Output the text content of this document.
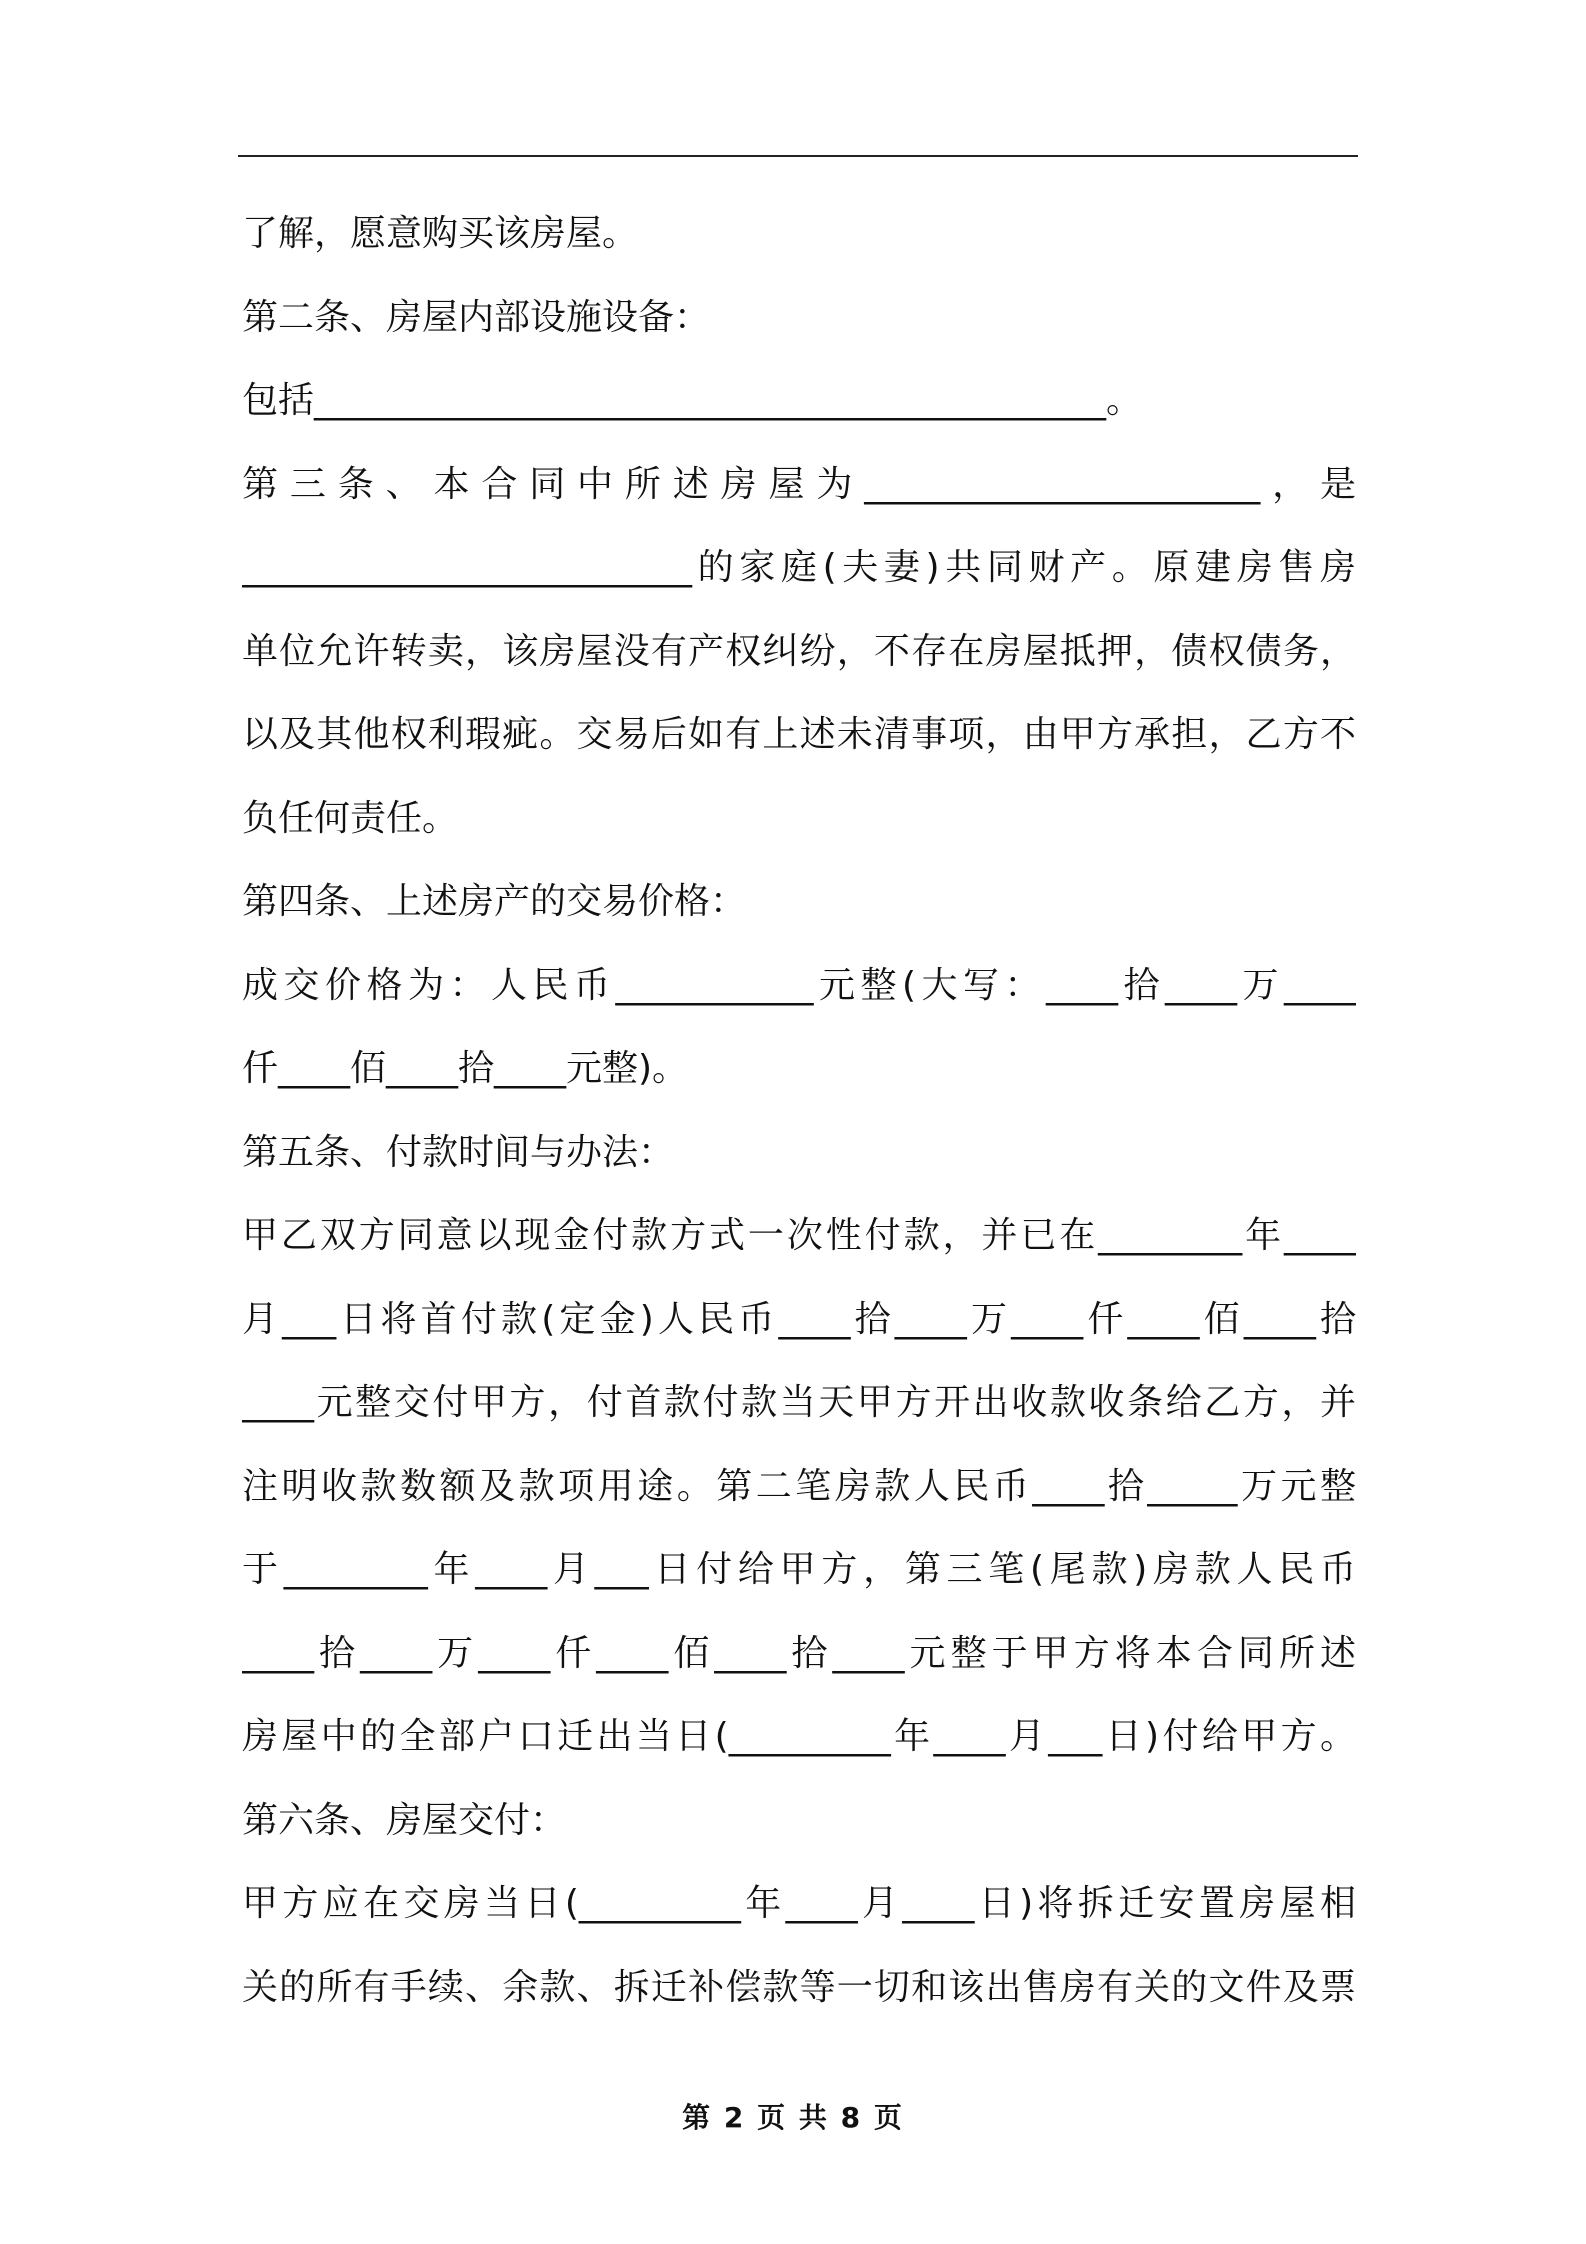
了解，愿意购买该房屋。
第二条、房屋内部设施设备：
包括____________________________________________。
第三条、本合同中所述房屋为______________________，是
_________________________的家庭(夫妻)共同财产。原建房售房
单位允许转卖，该房屋没有产权纠纷，不存在房屋抵押，债权债务，
以及其他权利瑕疵。交易后如有上述未清事项，由甲方承担，乙方不
负任何责任。
第四条、上述房产的交易价格：
成交价格为：人民币___________元整(大写：____拾____万____
仟____佰____拾____元整)。
第五条、付款时间与办法：
甲乙双方同意以现金付款方式一次性付款，并已在________年____
月___日将首付款(定金)人民币____拾____万____仟____佰____拾
____元整交付甲方，付首款付款当天甲方开出收款收条给乙方，并
注明收款数额及款项用途。第二笔房款人民币____拾_____万元整
于________年____月___日付给甲方，第三笔(尾款)房款人民币
____拾____万____仟____佰____拾____元整于甲方将本合同所述
房屋中的全部户口迁出当日(_________年____月___日)付给甲方。
第六条、房屋交付：
甲方应在交房当日(_________年____月____日)将拆迁安置房屋相
关的所有手续、余款、拆迁补偿款等一切和该出售房有关的文件及票
第 2 页 共 8 页
